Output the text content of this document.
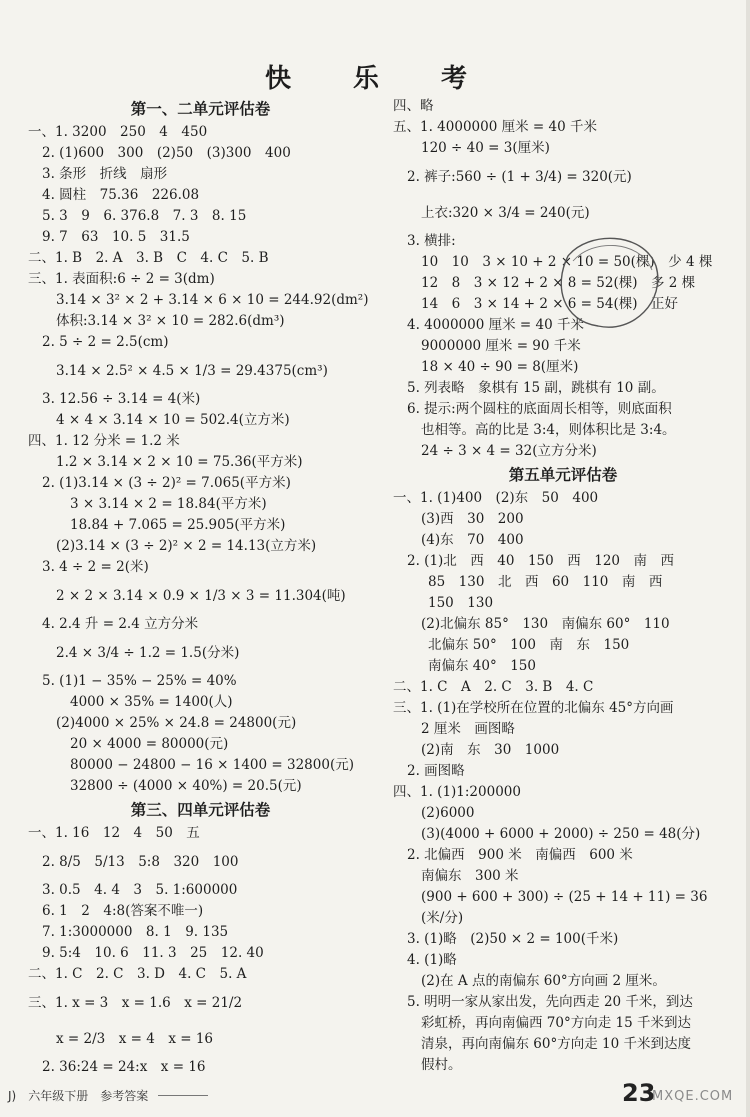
快　乐　考
第一、二单元评估卷
一、1. 3200　250　4　450
2. (1)600　300　(2)50　(3)300　400
3. 条形　折线　扇形
4. 圆柱　75.36　226.08
5. 3　9　6. 376.8　7. 3　8. 15
9. 7　63　10. 5　31.5
二、1. B　2. A　3. B　C　4. C　5. B
三、1. 表面积:6 ÷ 2 = 3(dm)
3.14 × 3² × 2 + 3.14 × 6 × 10 = 244.92(dm²)
体积:3.14 × 3² × 10 = 282.6(dm³)
2. 5 ÷ 2 = 2.5(cm)
3.14 × 2.5² × 4.5 × 1/3 = 29.4375(cm³)
3. 12.56 ÷ 3.14 = 4(米)
4 × 4 × 3.14 × 10 = 502.4(立方米)
四、1. 12 分米 = 1.2 米
1.2 × 3.14 × 2 × 10 = 75.36(平方米)
2. (1)3.14 × (3 ÷ 2)² = 7.065(平方米)
3 × 3.14 × 2 = 18.84(平方米)
18.84 + 7.065 = 25.905(平方米)
(2)3.14 × (3 ÷ 2)² × 2 = 14.13(立方米)
3. 4 ÷ 2 = 2(米)
2 × 2 × 3.14 × 0.9 × 1/3 × 3 = 11.304(吨)
4. 2.4 升 = 2.4 立方分米
2.4 × 3/4 ÷ 1.2 = 1.5(分米)
5. (1)1 − 35% − 25% = 40%
4000 × 35% = 1400(人)
(2)4000 × 25% × 24.8 = 24800(元)
20 × 4000 = 80000(元)
80000 − 24800 − 16 × 1400 = 32800(元)
32800 ÷ (4000 × 40%) = 20.5(元)
第三、四单元评估卷
一、1. 16　12　4　50　五
2. 8/5　5/13　5:8　320　100
3. 0.5　4. 4　3　5. 1:600000
6. 1　2　4:8(答案不唯一)
7. 1:3000000　8. 1　9. 135
9. 5:4　10. 6　11. 3　25　12. 40
二、1. C　2. C　3. D　4. C　5. A
三、1. x = 3　x = 1.6　x = 21/2
x = 2/3　x = 4　x = 16
2. 36:24 = 24:x　x = 16
四、略
五、1. 4000000 厘米 = 40 千米
120 ÷ 40 = 3(厘米)
2. 裤子:560 ÷ (1 + 3/4) = 320(元)
上衣:320 × 3/4 = 240(元)
3. 横排:
10　10　3 × 10 + 2 × 10 = 50(棵)　少 4 棵
12　8　3 × 12 + 2 × 8 = 52(棵)　多 2 棵
14　6　3 × 14 + 2 × 6 = 54(棵)　正好
4. 4000000 厘米 = 40 千米
9000000 厘米 = 90 千米
18 × 40 ÷ 90 = 8(厘米)
5. 列表略　象棋有 15 副，跳棋有 10 副。
6. 提示:两个圆柱的底面周长相等，则底面积
也相等。高的比是 3:4，则体积比是 3:4。
24 ÷ 3 × 4 = 32(立方分米)
第五单元评估卷
一、1. (1)400　(2)东　50　400
(3)西　30　200
(4)东　70　400
2. (1)北　西　40　150　西　120　南　西
85　130　北　西　60　110　南　西
150　130
(2)北偏东 85°　130　南偏东 60°　110
北偏东 50°　100　南　东　150
南偏东 40°　150
二、1. C　A　2. C　3. B　4. C
三、1. (1)在学校所在位置的北偏东 45°方向画
2 厘米　画图略
(2)南　东　30　1000
2. 画图略
四、1. (1)1:200000
(2)6000
(3)(4000 + 6000 + 2000) ÷ 250 = 48(分)
2. 北偏西　900 米　南偏西　600 米
南偏东　300 米
(900 + 600 + 300) ÷ (25 + 14 + 11) = 36
(米/分)
3. (1)略　(2)50 × 2 = 100(千米)
4. (1)略
(2)在 A 点的南偏东 60°方向画 2 厘米。
5. 明明一家从家出发，先向西走 20 千米，到达
彩虹桥，再向南偏西 70°方向走 15 千米到达
清泉，再向南偏东 60°方向走 10 千米到达度
假村。
J)　六年级下册　参考答案	23
MXQE.COM
